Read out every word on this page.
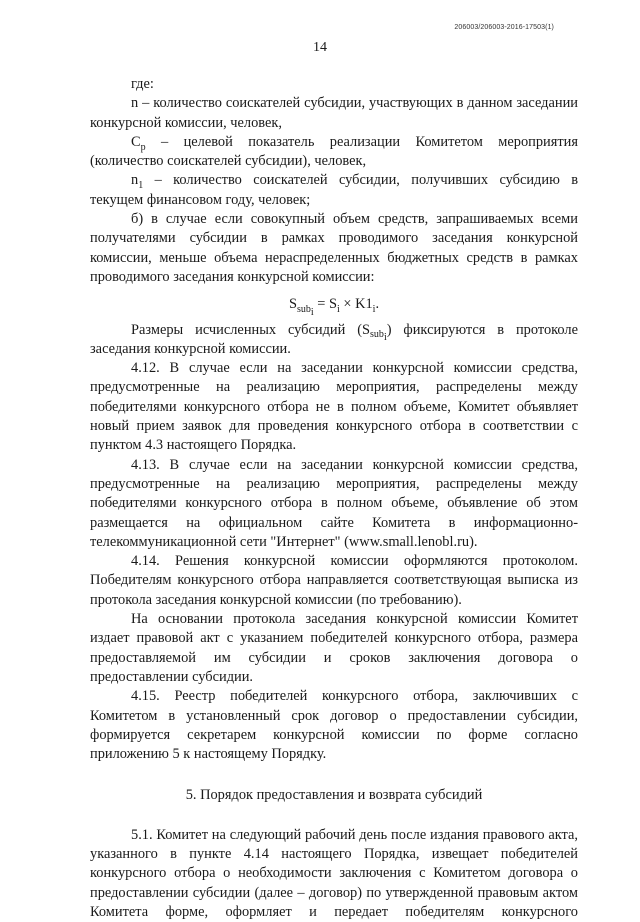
206003/206003-2016-17503(1)
14

где:

n – количество соискателей субсидии, участвующих в данном заседании конкурсной комиссии, человек,

$C_p$ – целевой показатель реализации Комитетом мероприятия (количество соискателей субсидии), человек,

$n_1$ – количество соискателей субсидии, получивших субсидию в текущем финансовом году, человек;

б) в случае если совокупный объем средств, запрашиваемых всеми получателями субсидии в рамках проводимого заседания конкурсной комиссии, меньше объема нераспределенных бюджетных средств в рамках проводимого заседания конкурсной комиссии:

$S_{sub_i} = S_i \times K1_i$.

Размеры исчисленных субсидий $(S_{sub_i})$ фиксируются в протоколе заседания конкурсной комиссии.

4.12. В случае если на заседании конкурсной комиссии средства, предусмотренные на реализацию мероприятия, распределены между победителями конкурсного отбора не в полном объеме, Комитет объявляет новый прием заявок для проведения конкурсного отбора в соответствии с пунктом 4.3 настоящего Порядка.

4.13. В случае если на заседании конкурсной комиссии средства, предусмотренные на реализацию мероприятия, распределены между победителями конкурсного отбора в полном объеме, объявление об этом размещается на официальном сайте Комитета в информационно-телекоммуникационной сети "Интернет" (www.small.lenobl.ru).

4.14. Решения конкурсной комиссии оформляются протоколом. Победителям конкурсного отбора направляется соответствующая выписка из протокола заседания конкурсной комиссии (по требованию).

На основании протокола заседания конкурсной комиссии Комитет издает правовой акт с указанием победителей конкурсного отбора, размера предоставляемой им субсидии и сроков заключения договора о предоставлении субсидии.

4.15. Реестр победителей конкурсного отбора, заключивших с Комитетом в установленный срок договор о предоставлении субсидии, формируется секретарем конкурсной комиссии по форме согласно приложению 5 к настоящему Порядку.

5. Порядок предоставления и возврата субсидий

5.1. Комитет на следующий рабочий день после издания правового акта, указанного в пункте 4.14 настоящего Порядка, извещает победителей конкурсного отбора о необходимости заключения с Комитетом договора о предоставлении субсидии (далее – договор) по утвержденной правовым актом Комитета форме, оформляет и передает победителям конкурсного
